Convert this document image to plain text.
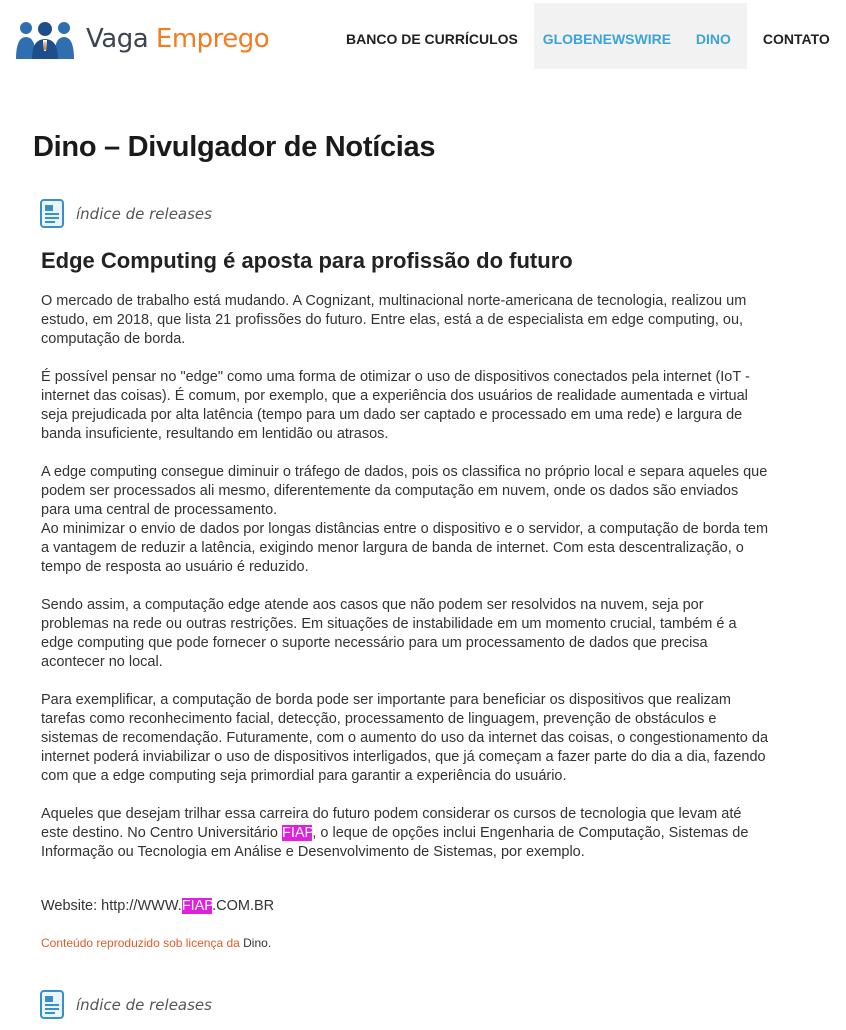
Vaga Emprego	BANCO DE CURRÍCULOS	GLOBENEWSWIRE	DINO	CONTATO
Dino – Divulgador de Notícias
índice de releases
Edge Computing é aposta para profissão do futuro

O mercado de trabalho está mudando. A Cognizant, multinacional norte-americana de tecnologia, realizou um estudo, em 2018, que lista 21 profissões do futuro. Entre elas, está a de especialista em edge computing, ou, computação de borda.

É possível pensar no "edge" como uma forma de otimizar o uso de dispositivos conectados pela internet (IoT - internet das coisas). É comum, por exemplo, que a experiência dos usuários de realidade aumentada e virtual seja prejudicada por alta latência (tempo para um dado ser captado e processado em uma rede) e largura de banda insuficiente, resultando em lentidão ou atrasos.

A edge computing consegue diminuir o tráfego de dados, pois os classifica no próprio local e separa aqueles que podem ser processados ali mesmo, diferentemente da computação em nuvem, onde os dados são enviados para uma central de processamento.

Ao minimizar o envio de dados por longas distâncias entre o dispositivo e o servidor, a computação de borda tem a vantagem de reduzir a latência, exigindo menor largura de banda de internet. Com esta descentralização, o tempo de resposta ao usuário é reduzido.

Sendo assim, a computação edge atende aos casos que não podem ser resolvidos na nuvem, seja por problemas na rede ou outras restrições. Em situações de instabilidade em um momento crucial, também é a edge computing que pode fornecer o suporte necessário para um processamento de dados que precisa acontecer no local.

Para exemplificar, a computação de borda pode ser importante para beneficiar os dispositivos que realizam tarefas como reconhecimento facial, detecção, processamento de linguagem, prevenção de obstáculos e sistemas de recomendação. Futuramente, com o aumento do uso da internet das coisas, o congestionamento da internet poderá inviabilizar o uso de dispositivos interligados, que já começam a fazer parte do dia a dia, fazendo com que a edge computing seja primordial para garantir a experiência do usuário.

Aqueles que desejam trilhar essa carreira do futuro podem considerar os cursos de tecnologia que levam até este destino. No Centro Universitário FIAP, o leque de opções inclui Engenharia de Computação, Sistemas de Informação ou Tecnologia em Análise e Desenvolvimento de Sistemas, por exemplo.

Website: http://WWW.FIAP.COM.BR
Conteúdo reproduzido sob licença da Dino.
índice de releases
